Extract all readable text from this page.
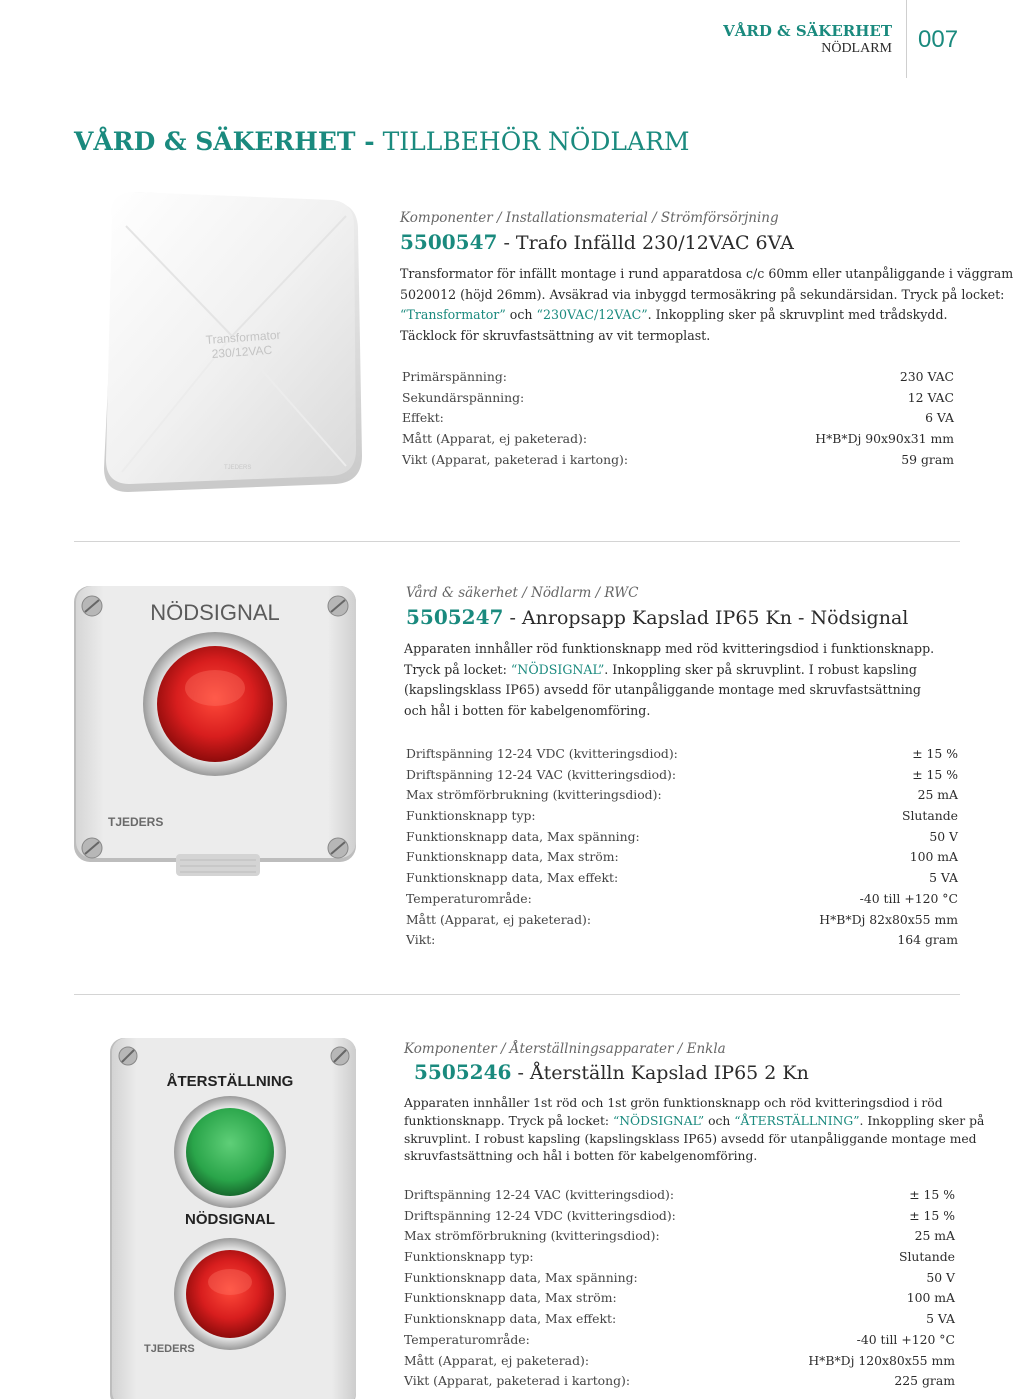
VÅRD & SÄKERHET
NÖDLARM 007
VÅRD & SÄKERHET - TILLBEHÖR NÖDLARM
Transformator
230/12VAC
TJEDERS
Komponenter / Installationsmaterial / Strömförsörjning
5500547 - Trafo Infälld 230/12VAC 6VA

Transformator för infällt montage i rund apparatdosa c/c 60mm eller utanpåliggande i väggram

5020012 (höjd 26mm). Avsäkrad via inbyggd termosäkring på sekundärsidan. Tryck på locket:

“Transformator” och “230VAC/12VAC”. Inkoppling sker på skruvplint med trådskydd.

Täcklock för skruvfastsättning av vit termoplast.

Primärspänning:	230 VAC
Sekundärspänning:	12 VAC
Effekt:	6 VA
Mått (Apparat, ej paketerad):	H*B*Dj 90x90x31 mm
Vikt (Apparat, paketerad i kartong):	59 gram
NÖDSIGNAL
TJEDERS
Vård & säkerhet / Nödlarm / RWC
5505247 - Anropsapp Kapslad IP65 Kn - Nödsignal

Apparaten innhåller röd funktionsknapp med röd kvitteringsdiod i funktionsknapp.

Tryck på locket: “NÖDSIGNAL”. Inkoppling sker på skruvplint. I robust kapsling

(kapslingsklass IP65) avsedd för utanpåliggande montage med skruvfastsättning

och hål i botten för kabelgenomföring.

Driftspänning 12-24 VDC (kvitteringsdiod):	± 15 %
Driftspänning 12-24 VAC (kvitteringsdiod):	± 15 %
Max strömförbrukning (kvitteringsdiod):	25 mA
Funktionsknapp typ:	Slutande
Funktionsknapp data, Max spänning:	50 V
Funktionsknapp data, Max ström:	100 mA
Funktionsknapp data, Max effekt:	5 VA
Temperaturområde:	-40 till +120 °C
Mått (Apparat, ej paketerad):	H*B*Dj 82x80x55 mm
Vikt:	164 gram
ÅTERSTÄLLNING
NÖDSIGNAL
TJEDERS
Komponenter / Återställningsapparater / Enkla
5505246 - Återställn Kapslad IP65 2 Kn

Apparaten innhåller 1st röd och 1st grön funktionsknapp och röd kvitteringsdiod i röd

funktionsknapp. Tryck på locket: “NÖDSIGNAL” och “ÅTERSTÄLLNING”. Inkoppling sker på

skruvplint. I robust kapsling (kapslingsklass IP65) avsedd för utanpåliggande montage med

skruvfastsättning och hål i botten för kabelgenomföring.

Driftspänning 12-24 VAC (kvitteringsdiod):	± 15 %
Driftspänning 12-24 VDC (kvitteringsdiod):	± 15 %
Max strömförbrukning (kvitteringsdiod):	25 mA
Funktionsknapp typ:	Slutande
Funktionsknapp data, Max spänning:	50 V
Funktionsknapp data, Max ström:	100 mA
Funktionsknapp data, Max effekt:	5 VA
Temperaturområde:	-40 till +120 °C
Mått (Apparat, ej paketerad):	H*B*Dj 120x80x55 mm
Vikt (Apparat, paketerad i kartong):	225 gram
